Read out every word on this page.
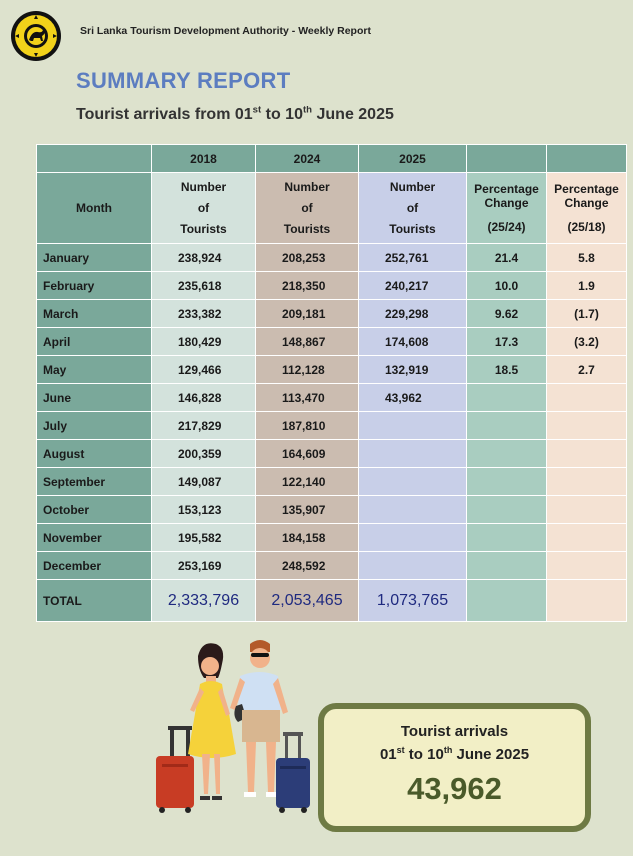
Sri Lanka Tourism Development Authority - Weekly Report
SUMMARY REPORT
Tourist arrivals from 01st to 10th June 2025
	2018	2024	2025		
Month	Number
of
Tourists	Number
of
Tourists	Number
of
Tourists	Percentage
Change
(25/24)	Percentage
Change
(25/18)
January	238,924	208,253	252,761	21.4	5.8
February	235,618	218,350	240,217	10.0	1.9
March	233,382	209,181	229,298	9.62	(1.7)
April	180,429	148,867	174,608	17.3	(3.2)
May	129,466	112,128	132,919	18.5	2.7
June	146,828	113,470	43,962		
July	217,829	187,810			
August	200,359	164,609			
September	149,087	122,140			
October	153,123	135,907			
November	195,582	184,158			
December	253,169	248,592			
TOTAL	2,333,796	2,053,465	1,073,765		
Tourist arrivals
01st to 10th June 2025
43,962
